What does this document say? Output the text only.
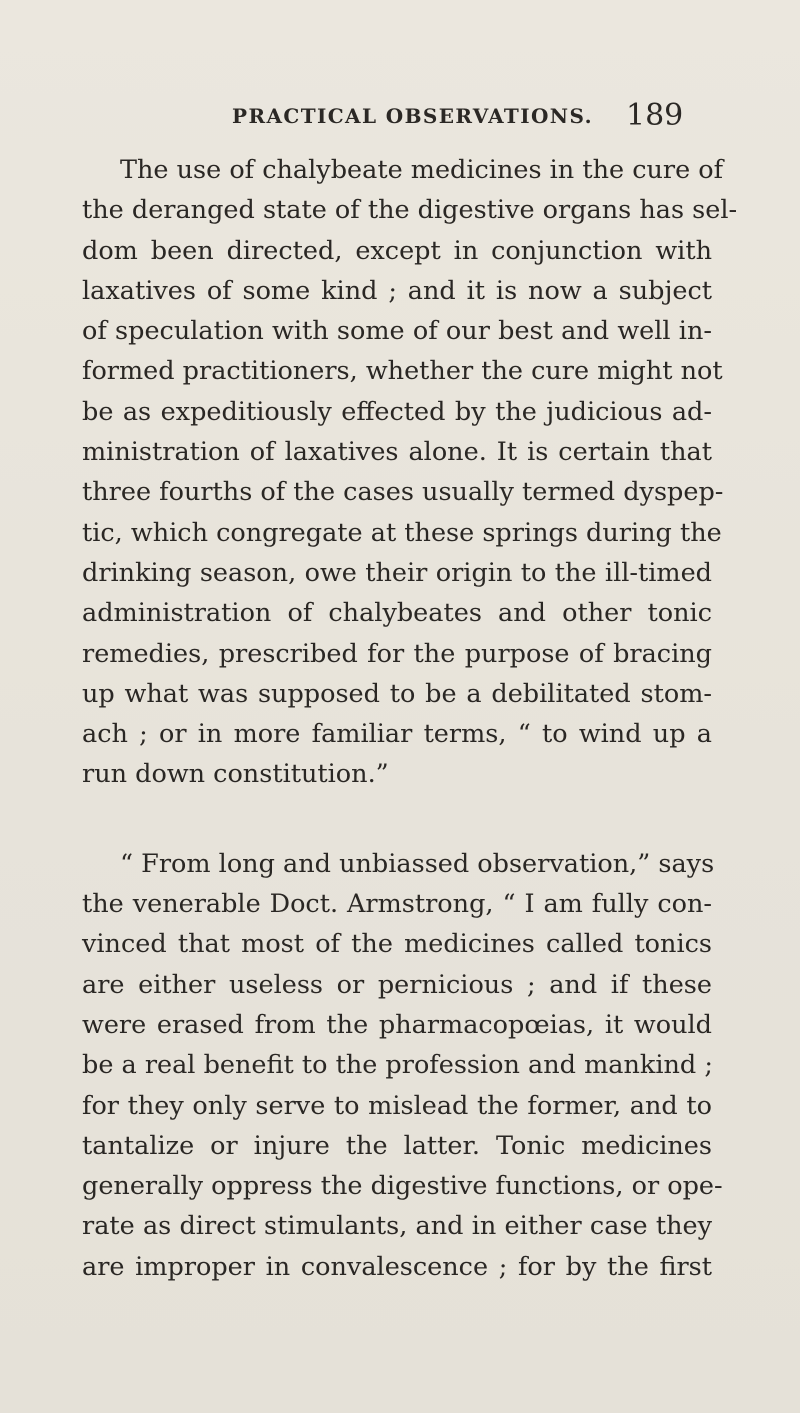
PRACTICAL OBSERVATIONS. 189
The use of chalybeate medicines in the cure of
the deranged state of the digestive organs has sel-
dom been directed, except in conjunction with
laxatives of some kind ; and it is now a subject
of speculation with some of our best and well in-
formed practitioners, whether the cure might not
be as expeditiously effected by the judicious ad-
ministration of laxatives alone. It is certain that
three fourths of the cases usually termed dyspep-
tic, which congregate at these springs during the
drinking season, owe their origin to the ill-timed
administration of chalybeates and other tonic
remedies, prescribed for the purpose of bracing
up what was supposed to be a debilitated stom-
ach ; or in more familiar terms, “ to wind up a
run down constitution.”
“ From long and unbiassed observation,” says
the venerable Doct. Armstrong, “ I am fully con-
vinced that most of the medicines called tonics
are either useless or pernicious ; and if these
were erased from the pharmacopœias, it would
be a real benefit to the profession and mankind ;
for they only serve to mislead the former, and to
tantalize or injure the latter. Tonic medicines
generally oppress the digestive functions, or ope-
rate as direct stimulants, and in either case they
are improper in convalescence ; for by the first
